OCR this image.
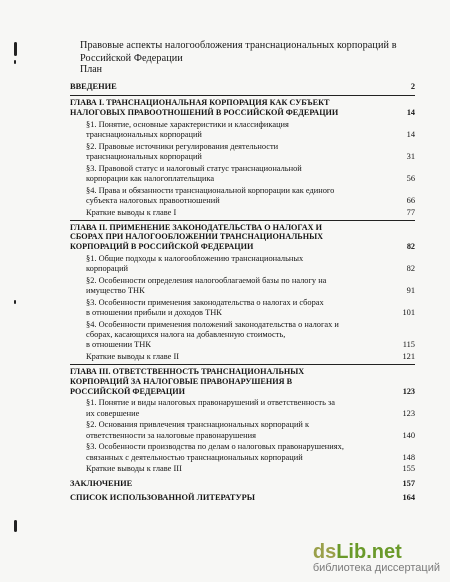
Правовые аспекты налогообложения транснациональных корпораций в Российской Федерации
План
ВВЕДЕНИЕ	2
ГЛАВА I. ТРАНСНАЦИОНАЛЬНАЯ КОРПОРАЦИЯ КАК СУБЪЕКТ
НАЛОГОВЫХ ПРАВООТНОШЕНИЙ В РОССИЙСКОЙ ФЕДЕРАЦИИ	14
§1. Понятие, основные характеристики и классификация
транснациональных корпораций	14
§2. Правовые источники регулирования деятельности
транснациональных корпораций	31
§3. Правовой статус и налоговый статус транснациональной
корпорации как налогоплательщика	56
§4. Права и обязанности транснациональной корпорации как единого
субъекта налоговых правоотношений	66
Краткие выводы к главе I	77
ГЛАВА II. ПРИМЕНЕНИЕ ЗАКОНОДАТЕЛЬСТВА О НАЛОГАХ И
СБОРАХ ПРИ НАЛОГООБЛОЖЕНИИ ТРАНСНАЦИОНАЛЬНЫХ
КОРПОРАЦИЙ В РОССИЙСКОЙ ФЕДЕРАЦИИ	82
§1. Общие подходы к налогообложению транснациональных
корпораций	82
§2. Особенности определения налогооблагаемой базы по налогу на
имущество ТНК	91
§3. Особенности применения законодательства о налогах и сборах
в отношении прибыли и доходов ТНК	101
§4. Особенности применения положений законодательства о налогах и
сборах, касающихся налога на добавленную стоимость,
в отношении ТНК	115
Краткие выводы к главе II	121
ГЛАВА III. ОТВЕТСТВЕННОСТЬ ТРАНСНАЦИОНАЛЬНЫХ
КОРПОРАЦИЙ ЗА НАЛОГОВЫЕ ПРАВОНАРУШЕНИЯ В
РОССИЙСКОЙ ФЕДЕРАЦИИ	123
§1. Понятие и виды налоговых правонарушений и ответственность за
их совершение	123
§2. Основания привлечения транснациональных корпораций к
ответственности за налоговые правонарушения	140
§3. Особенности производства по делам о налоговых правонарушениях,
связанных с деятельностью транснациональных корпораций	148
Краткие выводы к главе III	155
ЗАКЛЮЧЕНИЕ	157
СПИСОК ИСПОЛЬЗОВАННОЙ ЛИТЕРАТУРЫ	164
dsLib.net
библиотека диссертаций
